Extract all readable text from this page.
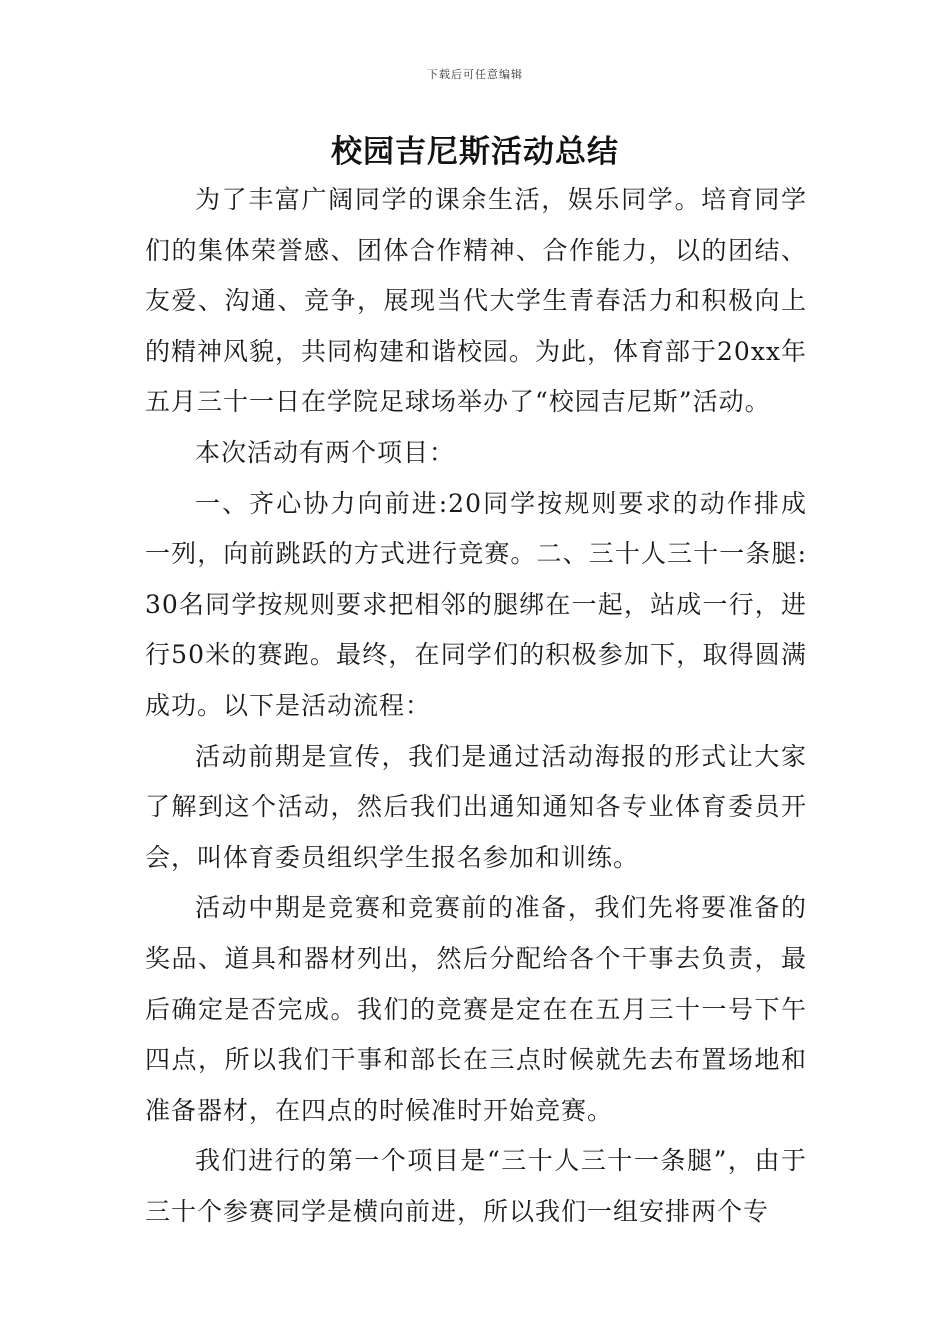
下载后可任意编辑
校园吉尼斯活动总结

为了丰富广阔同学的课余生活，娱乐同学。培育同学们的集体荣誉感、团体合作精神、合作能力，以的团结、友爱、沟通、竞争，展现当代大学生青春活力和积极向上的精神风貌，共同构建和谐校园。为此，体育部于20xx年五月三十一日在学院足球场举办了“校园吉尼斯”活动。

本次活动有两个项目：

一、齐心协力向前进:20同学按规则要求的动作排成一列，向前跳跃的方式进行竞赛。二、三十人三十一条腿:30名同学按规则要求把相邻的腿绑在一起，站成一行，进行50米的赛跑。最终，在同学们的积极参加下，取得圆满成功。以下是活动流程：

活动前期是宣传，我们是通过活动海报的形式让大家了解到这个活动，然后我们出通知通知各专业体育委员开会，叫体育委员组织学生报名参加和训练。

活动中期是竞赛和竞赛前的准备，我们先将要准备的奖品、道具和器材列出，然后分配给各个干事去负责，最后确定是否完成。我们的竞赛是定在在五月三十一号下午四点，所以我们干事和部长在三点时候就先去布置场地和准备器材，在四点的时候准时开始竞赛。

我们进行的第一个项目是“三十人三十一条腿”，由于三十个参赛同学是横向前进，所以我们一组安排两个专
